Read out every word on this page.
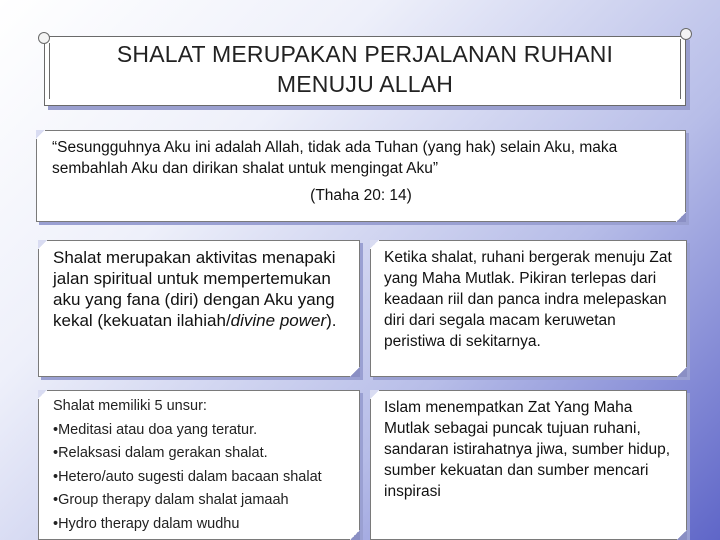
SHALAT MERUPAKAN PERJALANAN RUHANI
MENUJU ALLAH
“Sesungguhnya Aku ini adalah Allah, tidak ada Tuhan (yang hak) selain Aku, maka sembahlah Aku dan dirikan shalat untuk mengingat Aku”
(Thaha 20: 14)
Shalat merupakan aktivitas menapaki jalan spiritual untuk mempertemukan aku yang fana (diri) dengan Aku yang kekal (kekuatan ilahiah/divine power).
Ketika shalat, ruhani bergerak menuju Zat yang Maha Mutlak. Pikiran terlepas dari keadaan riil dan panca indra melepaskan diri dari segala macam keruwetan peristiwa di sekitarnya.
Shalat memiliki 5 unsur:
•Meditasi atau doa yang teratur.
•Relaksasi dalam gerakan shalat.
•Hetero/auto sugesti dalam bacaan shalat
•Group therapy dalam shalat jamaah
•Hydro therapy dalam wudhu
Islam menempatkan Zat Yang Maha Mutlak sebagai puncak tujuan ruhani, sandaran istirahatnya jiwa, sumber hidup, sumber kekuatan dan sumber mencari inspirasi
